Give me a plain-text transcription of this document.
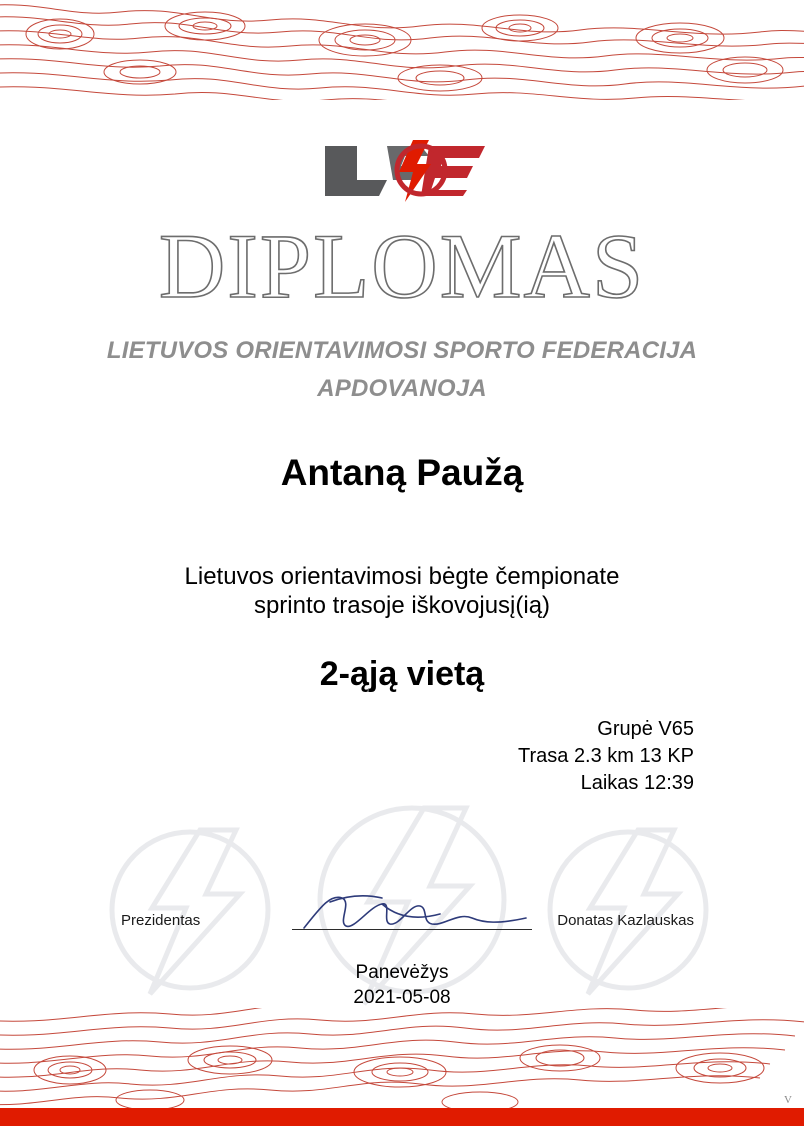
DIPLOMAS
LIETUVOS ORIENTAVIMOSI SPORTO FEDERACIJA
APDOVANOJA
Antaną Paužą
Lietuvos orientavimosi bėgte čempionate
sprinto trasoje iškovojusį(ią)
2-ąją vietą
Grupė V65
Trasa 2.3 km 13 KP
Laikas 12:39
Prezidentas	Donatas Kazlauskas
Panevėžys
2021-05-08
V
